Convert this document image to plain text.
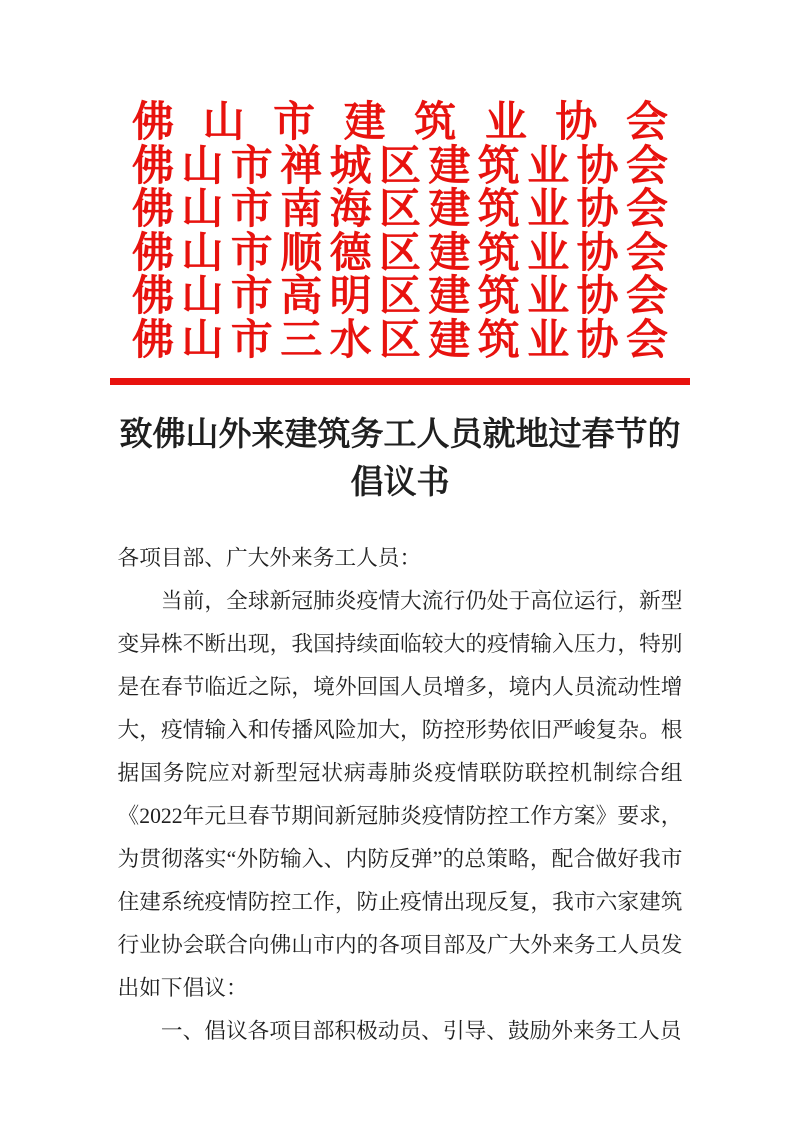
佛山市建筑业协会
佛山市禅城区建筑业协会
佛山市南海区建筑业协会
佛山市顺德区建筑业协会
佛山市高明区建筑业协会
佛山市三水区建筑业协会
致佛山外来建筑务工人员就地过春节的倡议书

各项目部、广大外来务工人员：

当前，全球新冠肺炎疫情大流行仍处于高位运行，新型变异株不断出现，我国持续面临较大的疫情输入压力，特别是在春节临近之际，境外回国人员增多，境内人员流动性增大，疫情输入和传播风险加大，防控形势依旧严峻复杂。根据国务院应对新型冠状病毒肺炎疫情联防联控机制综合组《2022年元旦春节期间新冠肺炎疫情防控工作方案》要求，为贯彻落实“外防输入、内防反弹”的总策略，配合做好我市住建系统疫情防控工作，防止疫情出现反复，我市六家建筑行业协会联合向佛山市内的各项目部及广大外来务工人员发出如下倡议：

一、倡议各项目部积极动员、引导、鼓励外来务工人员
